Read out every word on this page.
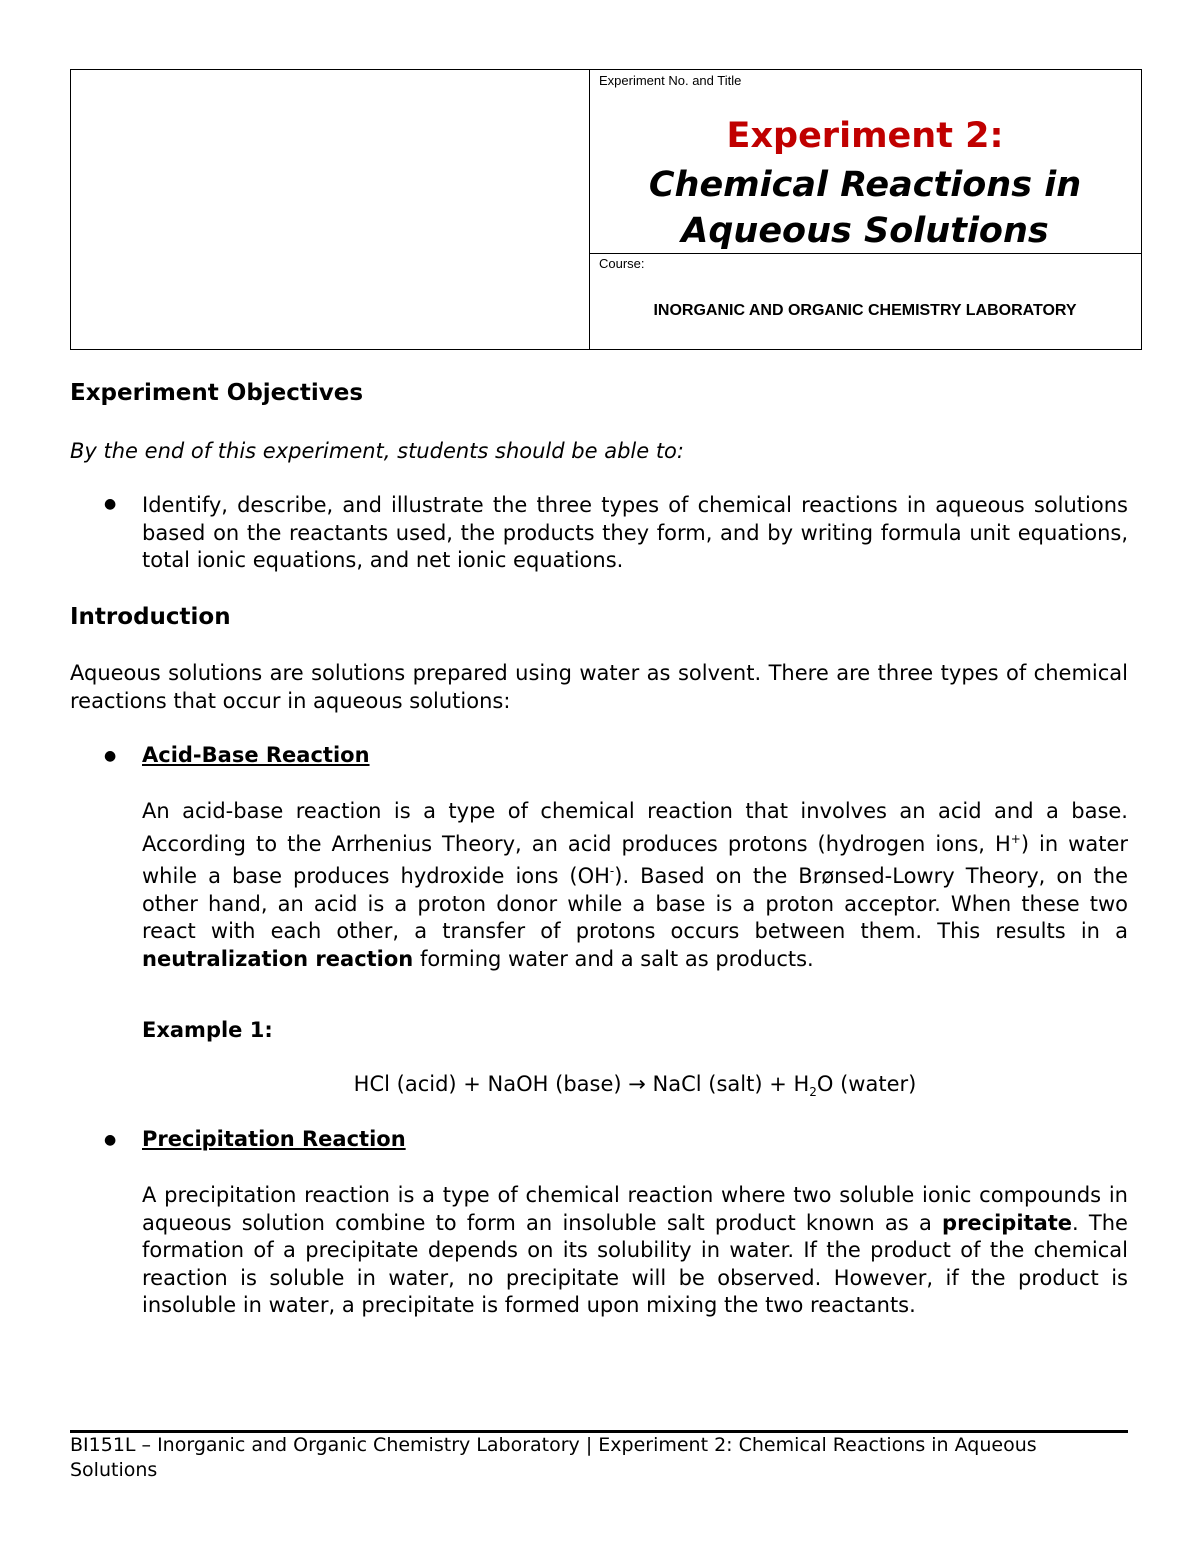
Experiment No. and Title
Experiment 2:
Chemical Reactions in Aqueous Solutions
Course:
INORGANIC AND ORGANIC CHEMISTRY LABORATORY
Experiment Objectives
By the end of this experiment, students should be able to:
● Identify, describe, and illustrate the three types of chemical reactions in aqueous solutions based on the reactants used, the products they form, and by writing formula unit equations, total ionic equations, and net ionic equations.
Introduction
Aqueous solutions are solutions prepared using water as solvent. There are three types of chemical reactions that occur in aqueous solutions:
● Acid-Base Reaction
An acid-base reaction is a type of chemical reaction that involves an acid and a base. According to the Arrhenius Theory, an acid produces protons (hydrogen ions, H+) in water while a base produces hydroxide ions (OH-). Based on the Brønsed-Lowry Theory, on the other hand, an acid is a proton donor while a base is a proton acceptor. When these two react with each other, a transfer of protons occurs between them. This results in a neutralization reaction forming water and a salt as products.
Example 1:
HCl (acid) + NaOH (base) → NaCl (salt) + $H_2O$ (water)
● Precipitation Reaction
A precipitation reaction is a type of chemical reaction where two soluble ionic compounds in aqueous solution combine to form an insoluble salt product known as a precipitate. The formation of a precipitate depends on its solubility in water. If the product of the chemical reaction is soluble in water, no precipitate will be observed. However, if the product is insoluble in water, a precipitate is formed upon mixing the two reactants.
BI151L – Inorganic and Organic Chemistry Laboratory | Experiment 2: Chemical Reactions in Aqueous Solutions
